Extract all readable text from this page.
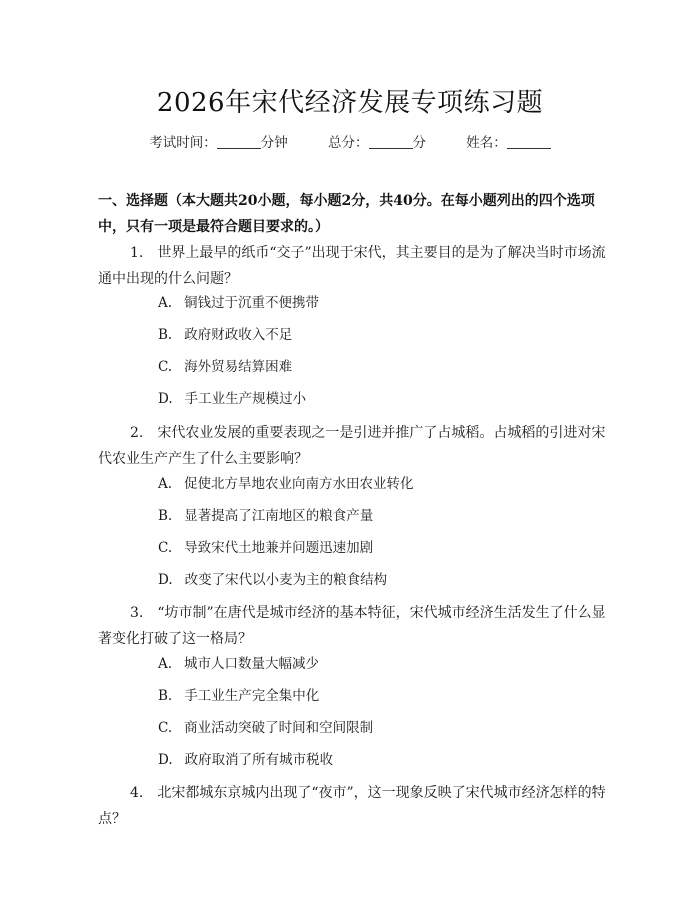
2026年宋代经济发展专项练习题
考试时间：	分钟	总分：	分	姓名：
一、选择题（本大题共20小题，每小题2分，共40分。在每小题列出的四个选项中，只有一项是最符合题目要求的。）
1. 世界上最早的纸币“交子”出现于宋代，其主要目的是为了解决当时市场流通中出现的什么问题？
A. 铜钱过于沉重不便携带
B. 政府财政收入不足
C. 海外贸易结算困难
D. 手工业生产规模过小
2. 宋代农业发展的重要表现之一是引进并推广了占城稻。占城稻的引进对宋代农业生产产生了什么主要影响？
A. 促使北方旱地农业向南方水田农业转化
B. 显著提高了江南地区的粮食产量
C. 导致宋代土地兼并问题迅速加剧
D. 改变了宋代以小麦为主的粮食结构
3. “坊市制”在唐代是城市经济的基本特征，宋代城市经济生活发生了什么显著变化打破了这一格局？
A. 城市人口数量大幅减少
B. 手工业生产完全集中化
C. 商业活动突破了时间和空间限制
D. 政府取消了所有城市税收
4. 北宋都城东京城内出现了“夜市”，这一现象反映了宋代城市经济怎样的特点？
